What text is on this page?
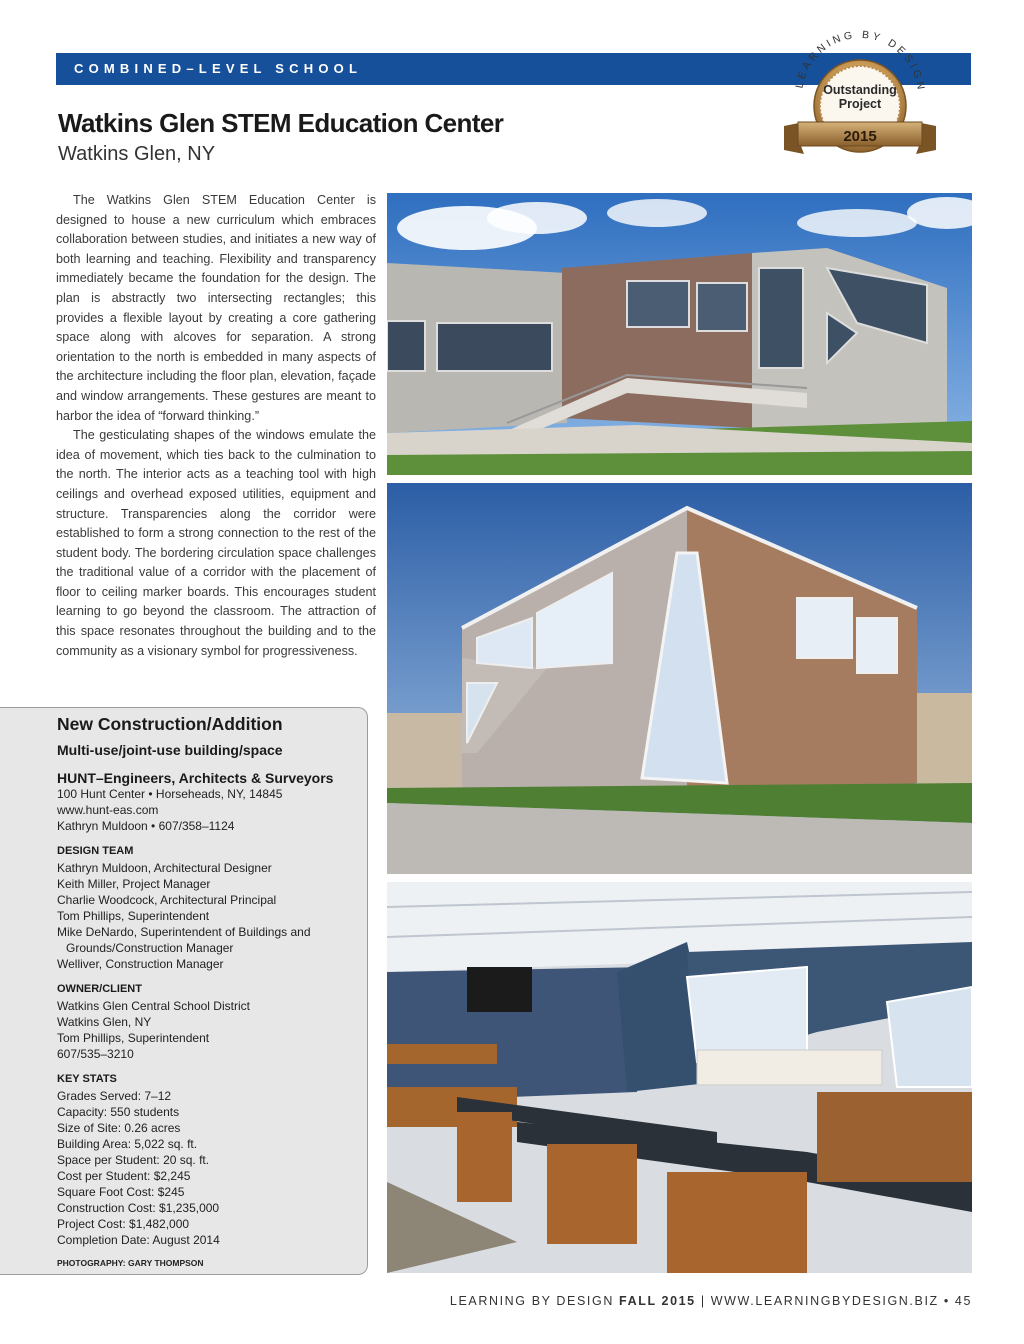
COMBINED–LEVEL SCHOOL
LEARNING BY DESIGN
Outstanding
Project
2015
Watkins Glen STEM Education Center
Watkins Glen, NY

The Watkins Glen STEM Education Center is designed to house a new curriculum which embraces collaboration between studies, and initiates a new way of both learning and teaching. Flexibility and transparency immediately became the foundation for the design. The plan is abstractly two intersecting rectangles; this provides a flexible layout by creating a core gathering space along with alcoves for separation. A strong orientation to the north is embedded in many aspects of the architecture including the floor plan, elevation, façade and window arrangements. These gestures are meant to harbor the idea of “forward thinking.”

The gesticulating shapes of the windows emulate the idea of movement, which ties back to the culmination to the north. The interior acts as a teaching tool with high ceilings and overhead exposed utilities, equipment and structure. Transparencies along the corridor were established to form a strong connection to the rest of the student body. The bordering circulation space challenges the traditional value of a corridor with the placement of floor to ceiling marker boards. This encourages student learning to go beyond the classroom. The attraction of this space resonates throughout the building and to the community as a visionary symbol for progressiveness.

New Construction/Addition
Multi-use/joint-use building/space
HUNT–Engineers, Architects & Surveyors
100 Hunt Center • Horseheads, NY, 14845
www.hunt-eas.com
Kathryn Muldoon • 607/358–1124
DESIGN TEAM
Kathryn Muldoon, Architectural Designer
Keith Miller, Project Manager
Charlie Woodcock, Architectural Principal
Tom Phillips, Superintendent
Mike DeNardo, Superintendent of Buildings and
Grounds/Construction Manager
Welliver, Construction Manager
OWNER/CLIENT
Watkins Glen Central School District
Watkins Glen, NY
Tom Phillips, Superintendent
607/535–3210
KEY STATS
Grades Served: 7–12
Capacity: 550 students
Size of Site: 0.26 acres
Building Area: 5,022 sq. ft.
Space per Student: 20 sq. ft.
Cost per Student: $2,245
Square Foot Cost: $245
Construction Cost: $1,235,000
Project Cost: $1,482,000
Completion Date: August 2014
PHOTOGRAPHY: GARY THOMPSON
LEARNING BY DESIGN FALL 2015 | WWW.LEARNINGBYDESIGN.BIZ • 45
